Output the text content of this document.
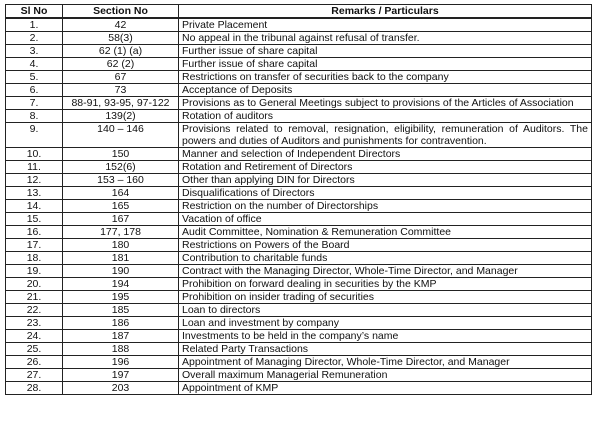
Sl No	Section No	Remarks / Particulars
1.	42	Private Placement
2.	58(3)	No appeal in the tribunal against refusal of transfer.
3.	62 (1) (a)	Further issue of share capital
4.	62 (2)	Further issue of share capital
5.	67	Restrictions on transfer of securities back to the company
6.	73	Acceptance of Deposits
7.	88-91, 93-95, 97-122	Provisions as to General Meetings subject to provisions of the Articles of Association
8.	139(2)	Rotation of auditors
9.	140 – 146	Provisions related to removal, resignation, eligibility, remuneration of Auditors. The powers and duties of Auditors and punishments for contravention.
10.	150	Manner and selection of Independent Directors
11.	152(6)	Rotation and Retirement of Directors
12.	153 – 160	Other than applying DIN for Directors
13.	164	Disqualifications of Directors
14.	165	Restriction on the number of Directorships
15.	167	Vacation of office
16.	177, 178	Audit Committee, Nomination & Remuneration Committee
17.	180	Restrictions on Powers of the Board
18.	181	Contribution to charitable funds
19.	190	Contract with the Managing Director, Whole-Time Director, and Manager
20.	194	Prohibition on forward dealing in securities by the KMP
21.	195	Prohibition on insider trading of securities
22.	185	Loan to directors
23.	186	Loan and investment by company
24.	187	Investments to be held in the company’s name
25.	188	Related Party Transactions
26.	196	Appointment of Managing Director, Whole-Time Director, and Manager
27.	197	Overall maximum Managerial Remuneration
28.	203	Appointment of KMP
